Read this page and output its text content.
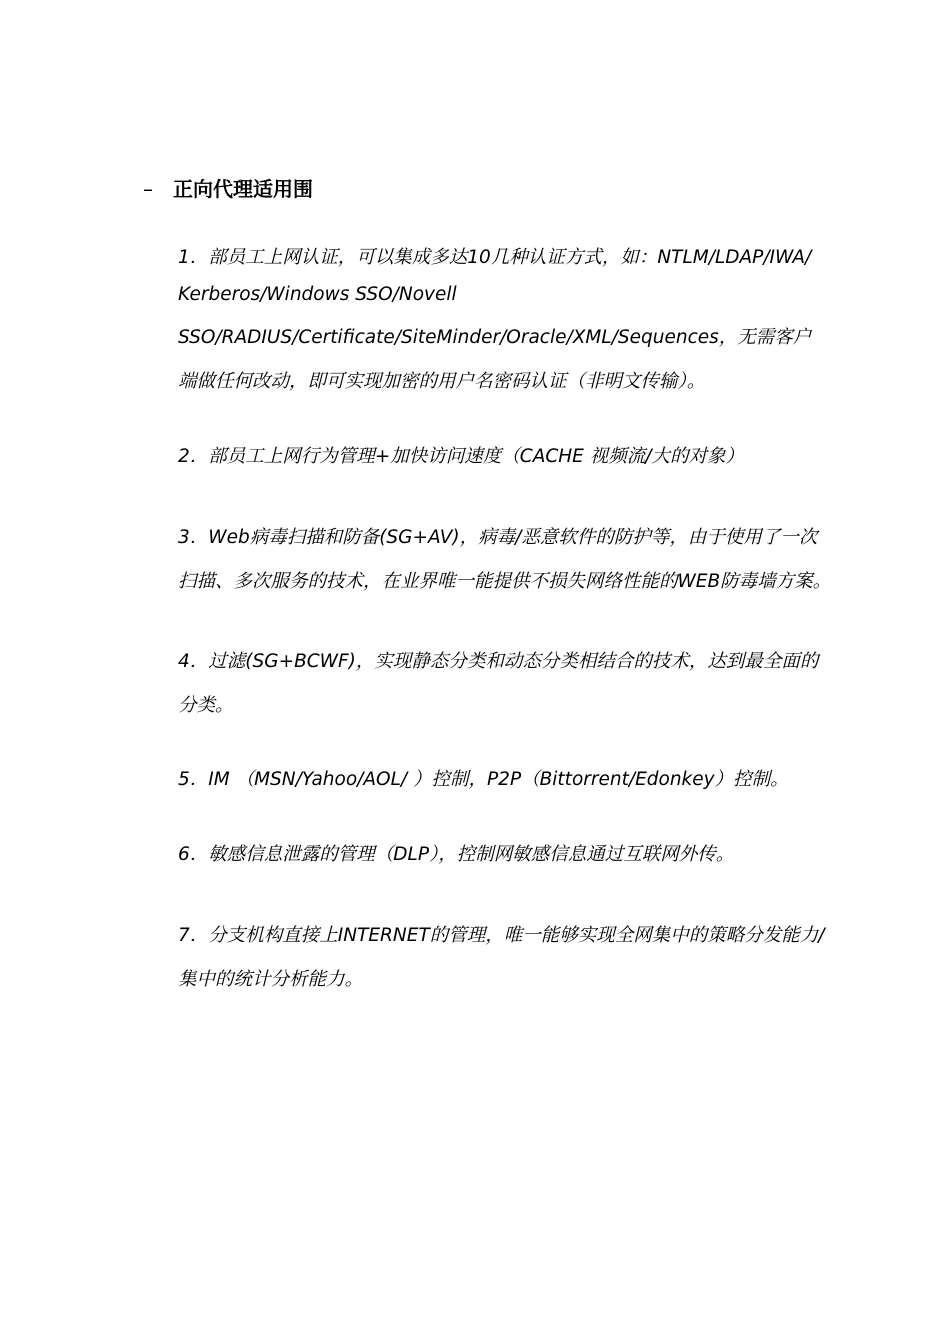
– 正向代理适用围
1．部员工上网认证，可以集成多达10几种认证方式，如：NTLM/LDAP/IWA/
Kerberos/Windows SSO/Novell
SSO/RADIUS/Certificate/SiteMinder/Oracle/XML/Sequences，无需客户
端做任何改动，即可实现加密的用户名密码认证（非明文传输）。
2．部员工上网行为管理+加快访问速度（CACHE 视频流/大的对象）
3．Web病毒扫描和防备(SG+AV)，病毒/恶意软件的防护等，由于使用了一次
扫描、多次服务的技术，在业界唯一能提供不损失网络性能的WEB防毒墙方案。
4．过滤(SG+BCWF)，实现静态分类和动态分类相结合的技术，达到最全面的
分类。
5．IM （MSN/Yahoo/AOL/ ）控制，P2P（Bittorrent/Edonkey）控制。
6．敏感信息泄露的管理（DLP），控制网敏感信息通过互联网外传。
7．分支机构直接上INTERNET的管理，唯一能够实现全网集中的策略分发能力/
集中的统计分析能力。
